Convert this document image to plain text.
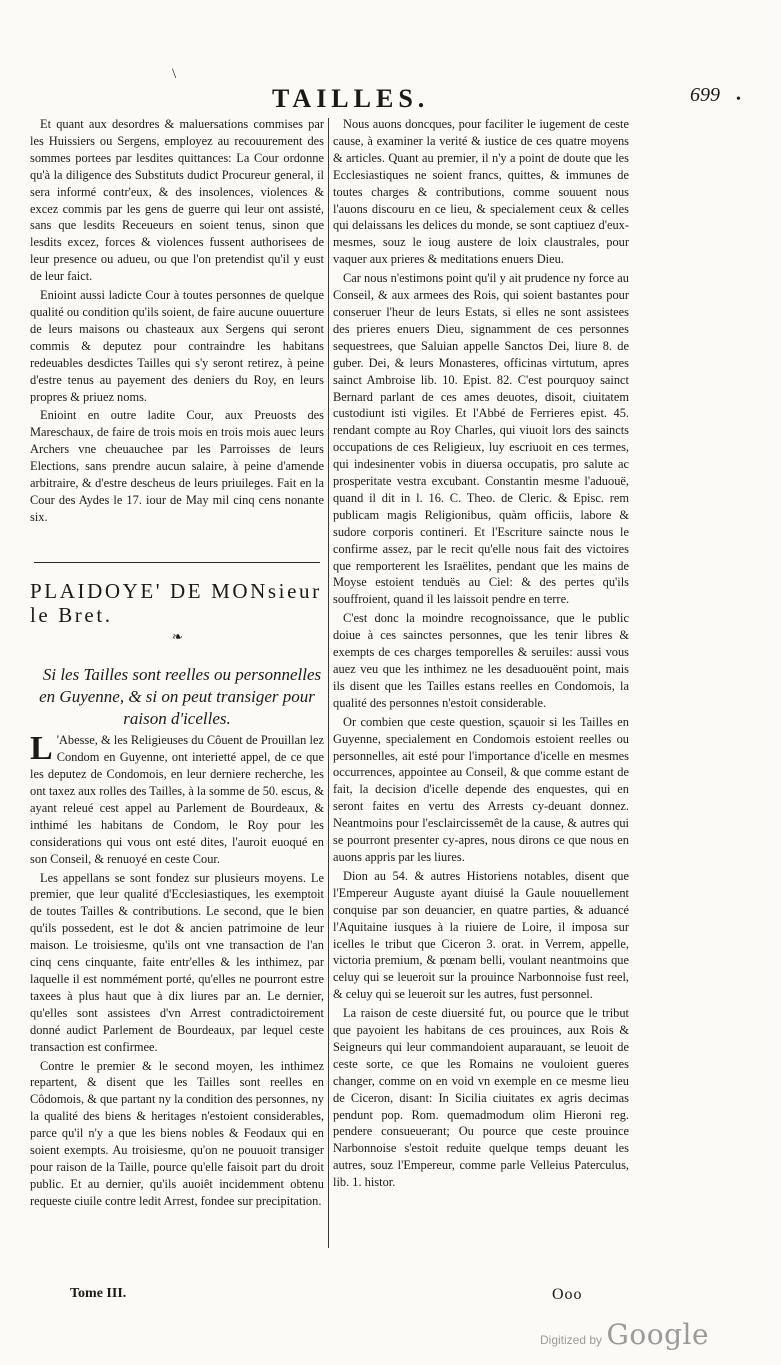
\
TAILLES.	699 •

Et quant aux desordres & maluersations commises par les Huissiers ou Sergens, employez au recouurement des sommes portees par lesdites quittances: La Cour ordonne qu'à la diligence des Substituts dudict Procureur general, il sera informé contr'eux, & des insolences, violences & excez commis par les gens de guerre qui leur ont assisté, sans que lesdits Receueurs en soient tenus, sinon que lesdits excez, forces & violences fussent authorisees de leur presence ou adueu, ou que l'on pretendist qu'il y eust de leur faict.

Enioint aussi ladicte Cour à toutes personnes de quelque qualité ou condition qu'ils soient, de faire aucune ouuerture de leurs maisons ou chasteaux aux Sergens qui seront commis & deputez pour contraindre les habitans redeuables desdictes Tailles qui s'y seront retirez, à peine d'estre tenus au payement des deniers du Roy, en leurs propres & priuez noms.

Enioint en outre ladite Cour, aux Preuosts des Mareschaux, de faire de trois mois en trois mois auec leurs Archers vne cheuauchee par les Parroisses de leurs Elections, sans prendre aucun salaire, à peine d'amende arbitraire, & d'estre descheus de leurs priuileges. Fait en la Cour des Aydes le 17. iour de May mil cinq cens nonante six.

PLAIDOYE' DE MONsieur le Bret.

❧

Si les Tailles sont reelles ou personnelles en Guyenne, & si on peut transiger pour raison d'icelles.

L 'Abesse, & les Religieuses du Côuent de Prouillan lez Condom en Guyenne, ont interietté appel, de ce que les deputez de Condomois, en leur derniere recherche, les ont taxez aux rolles des Tailles, à la somme de 50. escus, & ayant releué cest appel au Parlement de Bourdeaux, & inthimé les habitans de Condom, le Roy pour les considerations qui vous ont esté dites, l'auroit euoqué en son Conseil, & renuoyé en ceste Cour.

Les appellans se sont fondez sur plusieurs moyens. Le premier, que leur qualité d'Ecclesiastiques, les exemptoit de toutes Tailles & contributions. Le second, que le bien qu'ils possedent, est le dot & ancien patrimoine de leur maison. Le troisiesme, qu'ils ont vne transaction de l'an cinq cens cinquante, faite entr'elles & les inthimez, par laquelle il est nommément porté, qu'elles ne pourront estre taxees à plus haut que à dix liures par an. Le dernier, qu'elles sont assistees d'vn Arrest contradictoirement donné audict Parlement de Bourdeaux, par lequel ceste transaction est confirmee.

Contre le premier & le second moyen, les inthimez repartent, & disent que les Tailles sont reelles en Côdomois, & que partant ny la condition des personnes, ny la qualité des biens & heritages n'estoient considerables, parce qu'il n'y a que les biens nobles & Feodaux qui en soient exempts. Au troisiesme, qu'on ne pouuoit transiger pour raison de la Taille, pource qu'elle faisoit part du droit public. Et au dernier, qu'ils auoiêt incidemment obtenu requeste ciuile contre ledit Arrest, fondee sur precipitation.

Nous auons doncques, pour faciliter le iugement de ceste cause, à examiner la verité & iustice de ces quatre moyens & articles. Quant au premier, il n'y a point de doute que les Ecclesiastiques ne soient francs, quittes, & immunes de toutes charges & contributions, comme souuent nous l'auons discouru en ce lieu, & specialement ceux & celles qui delaissans les delices du monde, se sont captiuez d'eux-mesmes, souz le ioug austere de loix claustrales, pour vaquer aux prieres & meditations enuers Dieu.

Car nous n'estimons point qu'il y ait prudence ny force au Conseil, & aux armees des Rois, qui soient bastantes pour conseruer l'heur de leurs Estats, si elles ne sont assistees des prieres enuers Dieu, signamment de ces personnes sequestrees, que Saluian appelle Sanctos Dei, liure 8. de guber. Dei, & leurs Monasteres, officinas virtutum, apres sainct Ambroise lib. 10. Epist. 82. C'est pourquoy sainct Bernard parlant de ces ames deuotes, disoit, ciuitatem custodiunt isti vigiles. Et l'Abbé de Ferrieres epist. 45. rendant compte au Roy Charles, qui viuoit lors des saincts occupations de ces Religieux, luy escriuoit en ces termes, qui indesinenter vobis in diuersa occupatis, pro salute ac prosperitate vestra excubant. Constantin mesme l'aduouë, quand il dit in l. 16. C. Theo. de Cleric. & Episc. rem publicam magis Religionibus, quàm officiis, labore & sudore corporis contineri. Et l'Escriture saincte nous le confirme assez, par le recit qu'elle nous fait des victoires que remporterent les Israëlites, pendant que les mains de Moyse estoient tenduës au Ciel: & des pertes qu'ils souffroient, quand il les laissoit pendre en terre.

C'est donc la moindre recognoissance, que le public doiue à ces sainctes personnes, que les tenir libres & exempts de ces charges temporelles & seruiles: aussi vous auez veu que les inthimez ne les desaduouënt point, mais ils disent que les Tailles estans reelles en Condomois, la qualité des personnes n'estoit considerable.

Or combien que ceste question, sçauoir si les Tailles en Guyenne, specialement en Condomois estoient reelles ou personnelles, ait esté pour l'importance d'icelle en mesmes occurrences, appointee au Conseil, & que comme estant de fait, la decision d'icelle depende des enquestes, qui en seront faites en vertu des Arrests cy-deuant donnez. Neantmoins pour l'esclaircissemêt de la cause, & autres qui se pourront presenter cy-apres, nous dirons ce que nous en auons appris par les liures.

Dion au 54. & autres Historiens notables, disent que l'Empereur Auguste ayant diuisé la Gaule nouuellement conquise par son deuancier, en quatre parties, & aduancé l'Aquitaine iusques à la riuiere de Loire, il imposa sur icelles le tribut que Ciceron 3. orat. in Verrem, appelle, victoria premium, & pœnam belli, voulant neantmoins que celuy qui se leueroit sur la prouince Narbonnoise fust reel, & celuy qui se leueroit sur les autres, fust personnel.

La raison de ceste diuersité fut, ou pource que le tribut que payoient les habitans de ces prouinces, aux Rois & Seigneurs qui leur commandoient auparauant, se leuoit de ceste sorte, ce que les Romains ne vouloient gueres changer, comme on en void vn exemple en ce mesme lieu de Ciceron, disant: In Sicilia ciuitates ex agris decimas pendunt pop. Rom. quemadmodum olim Hieroni reg. pendere consueuerant; Ou pource que ceste prouince Narbonnoise s'estoit reduite quelque temps deuant les autres, souz l'Empereur, comme parle Velleius Paterculus, lib. 1. histor.

Tome III.	Ooo
Digitized by Google
